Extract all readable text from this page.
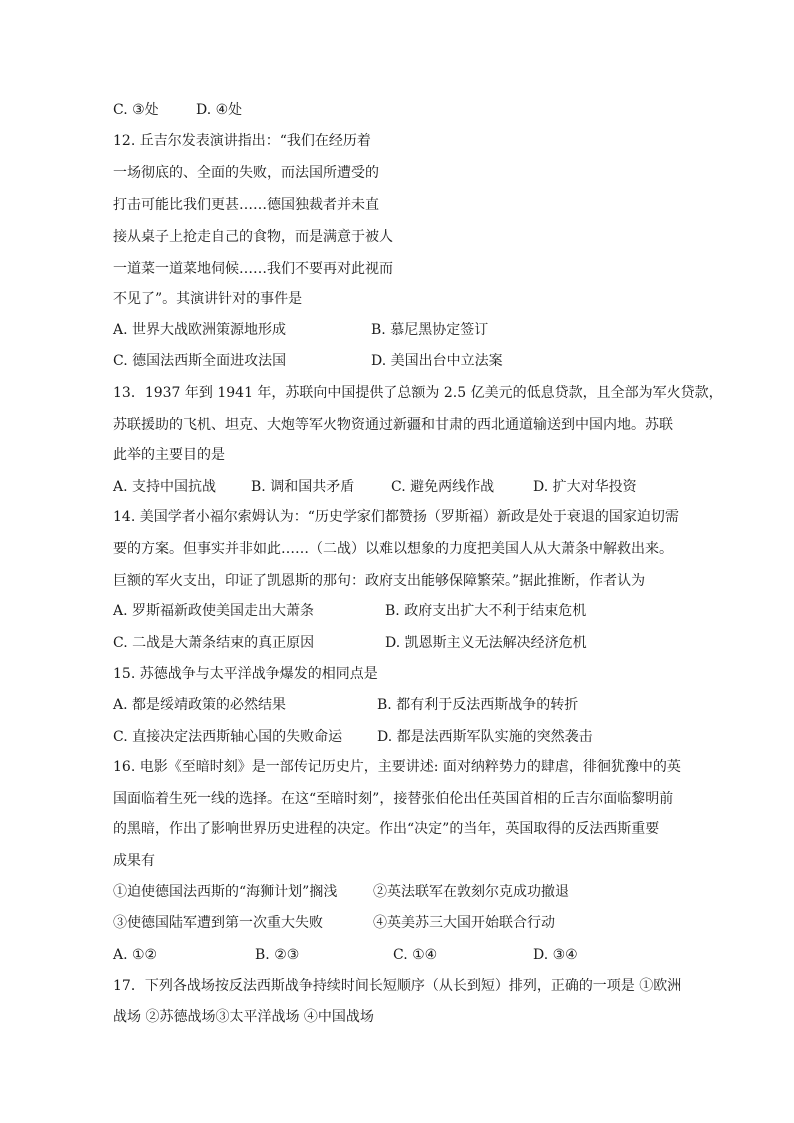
C. ③处	D. ④处
12. 丘吉尔发表演讲指出：“我们在经历着
一场彻底的、全面的失败，而法国所遭受的
打击可能比我们更甚……德国独裁者并未直
接从桌子上抢走自己的食物，而是满意于被人
一道菜一道菜地伺候……我们不要再对此视而
不见了”。其演讲针对的事件是
A. 世界大战欧洲策源地形成	B. 慕尼黑协定签订
C. 德国法西斯全面进攻法国	D. 美国出台中立法案
13．1937 年到 1941 年，苏联向中国提供了总额为 2.5 亿美元的低息贷款，且全部为军火贷款，
苏联援助的飞机、坦克、大炮等军火物资通过新疆和甘肃的西北通道输送到中国内地。苏联
此举的主要目的是
A. 支持中国抗战 B. 调和国共矛盾	C. 避免两线作战	D. 扩大对华投资
14. 美国学者小福尔索姆认为：“历史学家们都赞扬（罗斯福）新政是处于衰退的国家迫切需
要的方案。但事实并非如此……（二战）以难以想象的力度把美国人从大萧条中解救出来。
巨额的军火支出，印证了凯恩斯的那句：政府支出能够保障繁荣。”据此推断，作者认为
A. 罗斯福新政使美国走出大萧条	B. 政府支出扩大不利于结束危机
C. 二战是大萧条结束的真正原因	D. 凯恩斯主义无法解决经济危机
15. 苏德战争与太平洋战争爆发的相同点是
A. 都是绥靖政策的必然结果	B. 都有利于反法西斯战争的转折
C. 直接决定法西斯轴心国的失败命运 D. 都是法西斯军队实施的突然袭击
16. 电影《至暗时刻》是一部传记历史片，主要讲述: 面对纳粹势力的肆虐，徘徊犹豫中的英
国面临着生死一线的选择。在这“至暗时刻”，接替张伯伦出任英国首相的丘吉尔面临黎明前
的黑暗，作出了影响世界历史进程的决定。作出“决定”的当年，英国取得的反法西斯重要
成果有
①迫使德国法西斯的“海狮计划”搁浅	②英法联军在敦刻尔克成功撤退
③使德国陆军遭到第一次重大失败	④英美苏三大国开始联合行动
A. ①②	B. ②③	C. ①④	D. ③④
17．下列各战场按反法西斯战争持续时间长短顺序（从长到短）排列，正确的一项是 ①欧洲
战场 ②苏德战场③太平洋战场 ④中国战场
